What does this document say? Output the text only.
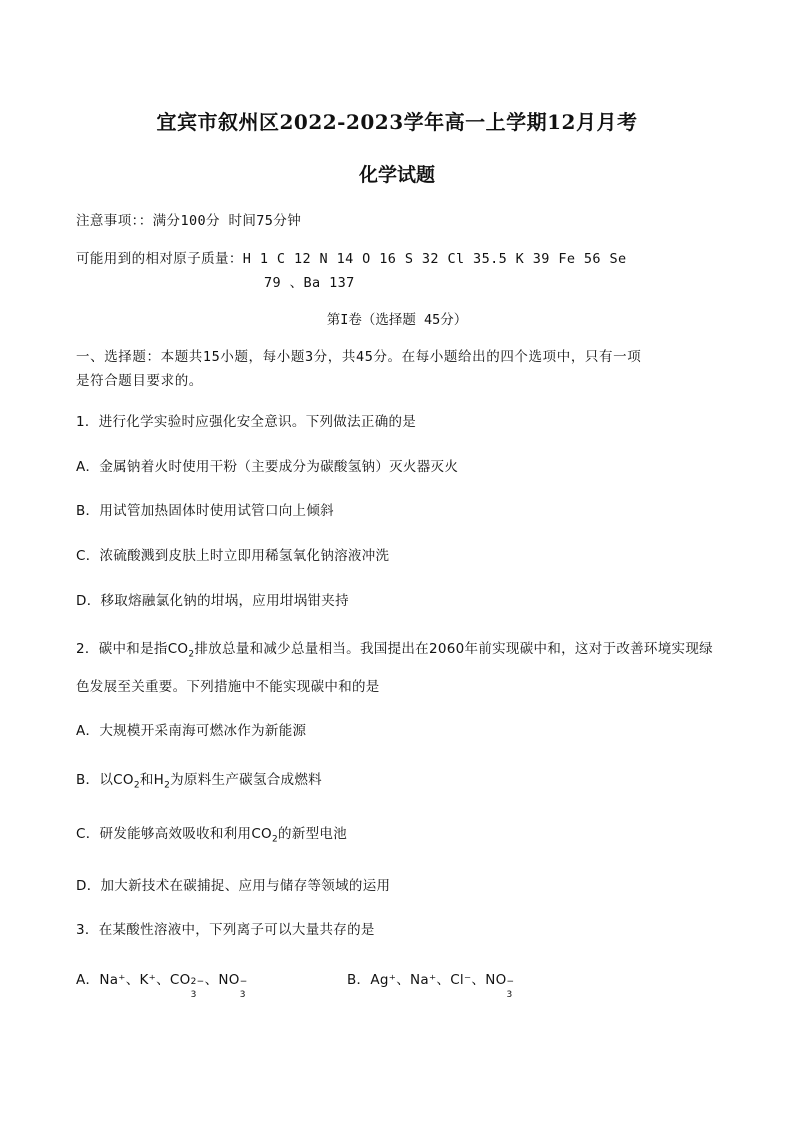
宜宾市叙州区2022-2023学年高一上学期12月月考
化学试题
注意事项：：满分100分 时间75分钟
可能用到的相对原子质量：H 1 C 12 N 14 O 16 S 32 Cl 35.5 K 39 Fe 56 Se
79 、Ba 137
第I卷（选择题 45分）
一、选择题：本题共15小题，每小题3分，共45分。在每小题给出的四个选项中，只有一项
是符合题目要求的。
1．进行化学实验时应强化安全意识。下列做法正确的是
A．金属钠着火时使用干粉（主要成分为碳酸氢钠）灭火器灭火
B．用试管加热固体时使用试管口向上倾斜
C．浓硫酸溅到皮肤上时立即用稀氢氧化钠溶液冲洗
D．移取熔融氯化钠的坩埚，应用坩埚钳夹持
2．碳中和是指$CO_2$排放总量和减少总量相当。我国提出在2060年前实现碳中和，这对于改善环境实现绿
色发展至关重要。下列措施中不能实现碳中和的是
A．大规模开采南海可燃冰作为新能源
B．以$CO_2$和$H_2$为原料生产碳氢合成燃料
C．研发能够高效吸收和利用$CO_2$的新型电池
D．加大新技术在碳捕捉、应用与储存等领域的运用
3．在某酸性溶液中，下列离子可以大量共存的是
A．Na⁺、K⁺、CO 2−
3
、NO −
3
B．Ag⁺、Na⁺、Cl⁻、NO −
3
